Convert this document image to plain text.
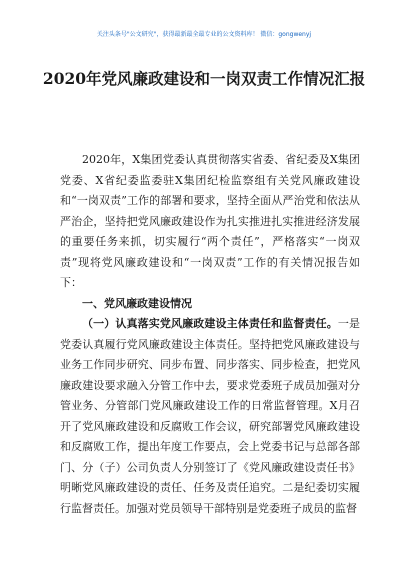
关注头条号"公文研究"，获得最新最全最专业的公文资料库！ 微信：gongwenyj
2020年党风廉政建设和一岗双责工作情况汇报

2020年，X集团党委认真贯彻落实省委、省纪委及X集团党委、X省纪委监委驻X集团纪检监察组有关党风廉政建设和“一岗双责”工作的部署和要求，坚持全面从严治党和依法从严治企，坚持把党风廉政建设作为扎实推进扎实推进经济发展的重要任务来抓，切实履行“两个责任”，严格落实“一岗双责”现将党风廉政建设和“一岗双责”工作的有关情况报告如下：

一、党风廉政建设情况

（一）认真落实党风廉政建设主体责任和监督责任。一是党委认真履行党风廉政建设主体责任。坚持把党风廉政建设与业务工作同步研究、同步布置、同步落实、同步检查，把党风廉政建设要求融入分管工作中去，要求党委班子成员加强对分管业务、分管部门党风廉政建设工作的日常监督管理。X月召开了党风廉政建设和反腐败工作会议，研究部署党风廉政建设和反腐败工作，提出年度工作要点，会上党委书记与总部各部门、分（子）公司负责人分别签订了《党风廉政建设责任书》明晰党风廉政建设的责任、任务及责任追究。二是纪委切实履行监督责任。加强对党员领导干部特别是党委班子成员的监督
